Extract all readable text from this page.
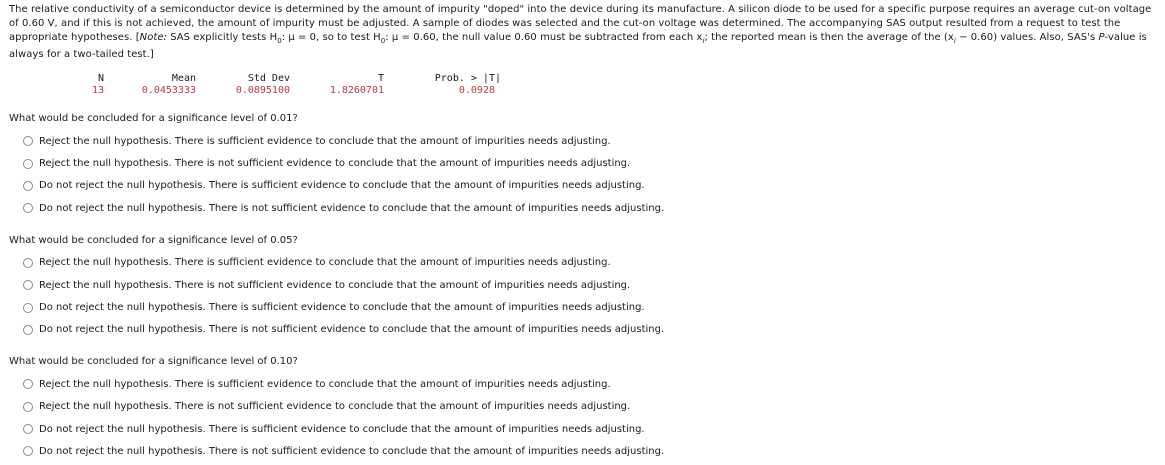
The relative conductivity of a semiconductor device is determined by the amount of impurity "doped" into the device during its manufacture. A silicon diode to be used for a specific purpose requires an average cut-on voltage of 0.60 V, and if this is not achieved, the amount of impurity must be adjusted. A sample of diodes was selected and the cut-on voltage was determined. The accompanying SAS output resulted from a request to test the appropriate hypotheses. [Note: SAS explicitly tests $H_0$: μ = 0, so to test $H_0$: μ = 0.60, the null value 0.60 must be subtracted from each $x_i$; the reported mean is then the average of the $(x_i - 0.60)$ values. Also, SAS's P-value is always for a two-tailed test.]

N	Mean	Std Dev	T	Prob. > |T|
13	0.0453333	0.0895100	1.8260701	0.0928
What would be concluded for a significance level of 0.01?
Reject the null hypothesis. There is sufficient evidence to conclude that the amount of impurities needs adjusting.
Reject the null hypothesis. There is not sufficient evidence to conclude that the amount of impurities needs adjusting.
Do not reject the null hypothesis. There is sufficient evidence to conclude that the amount of impurities needs adjusting.
Do not reject the null hypothesis. There is not sufficient evidence to conclude that the amount of impurities needs adjusting.
What would be concluded for a significance level of 0.05?
Reject the null hypothesis. There is sufficient evidence to conclude that the amount of impurities needs adjusting.
Reject the null hypothesis. There is not sufficient evidence to conclude that the amount of impurities needs adjusting.
Do not reject the null hypothesis. There is sufficient evidence to conclude that the amount of impurities needs adjusting.
Do not reject the null hypothesis. There is not sufficient evidence to conclude that the amount of impurities needs adjusting.
What would be concluded for a significance level of 0.10?
Reject the null hypothesis. There is sufficient evidence to conclude that the amount of impurities needs adjusting.
Reject the null hypothesis. There is not sufficient evidence to conclude that the amount of impurities needs adjusting.
Do not reject the null hypothesis. There is sufficient evidence to conclude that the amount of impurities needs adjusting.
Do not reject the null hypothesis. There is not sufficient evidence to conclude that the amount of impurities needs adjusting.
